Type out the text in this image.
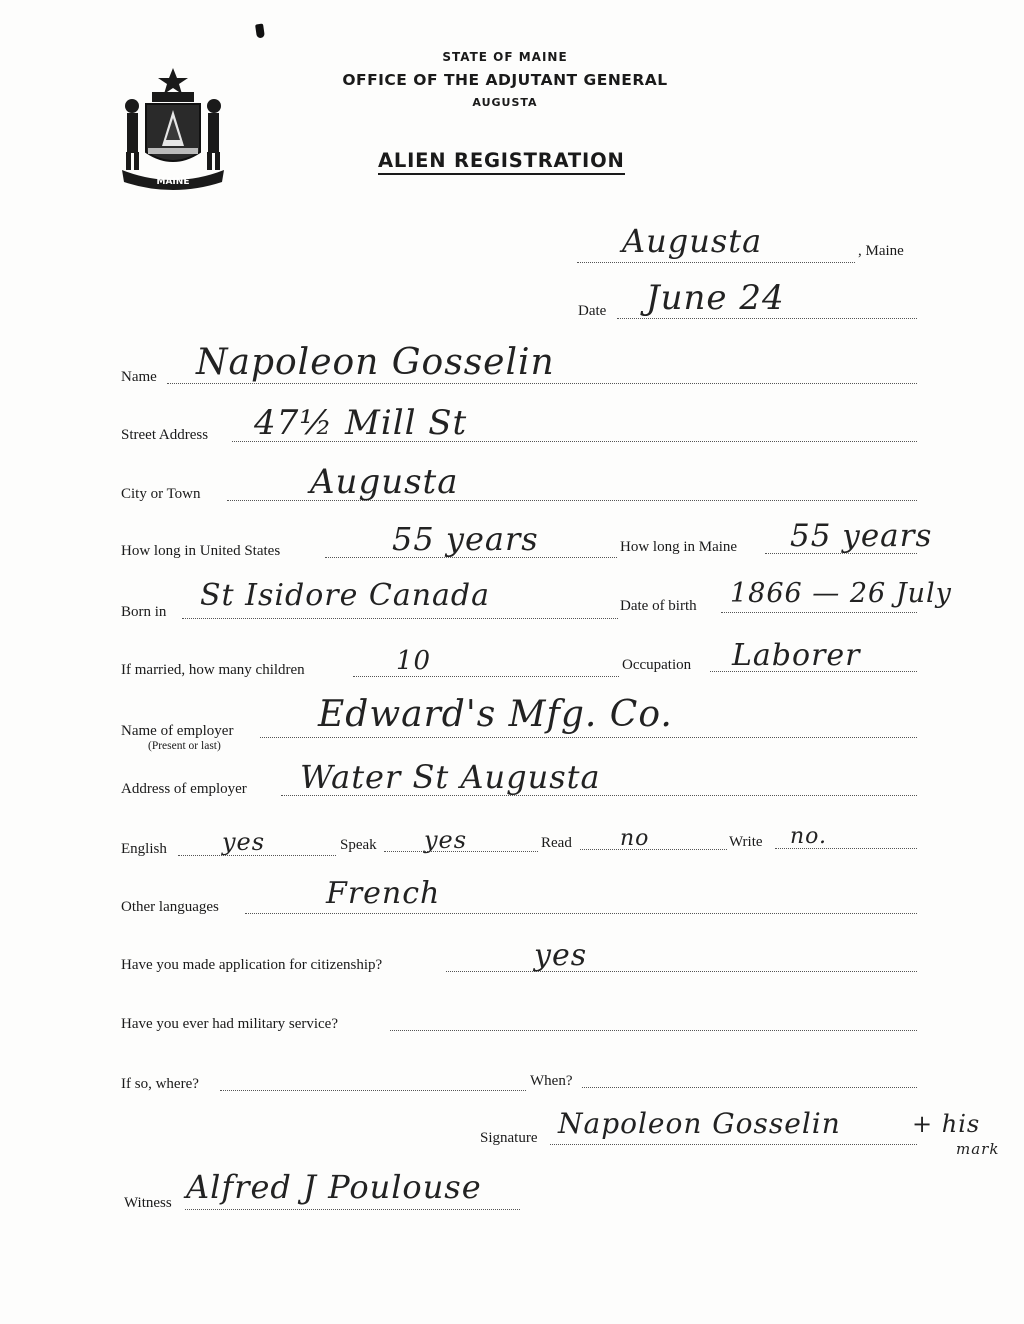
MAINE
STATE OF MAINE
OFFICE OF THE ADJUTANT GENERAL
AUGUSTA
ALIEN REGISTRATION
Augusta	, Maine
Date June 24
Name Napoleon Gosselin
Street Address 47½ Mill St
City or Town	Augusta
How long in United States	55 years	How long in Maine 55 years
Born in St Isidore Canada	Date of birth 1866 — 26 July
If married, how many children	10	Occupation Laborer
Name of employer
(Present or last)
Edward's Mfg. Co.
Address of employer Water St Augusta
English yes	Speak yes	Read no	Write no.
Other languages	French
Have you made application for citizenship?	yes
Have you ever had military service?
If so, where?	When?
Signature Napoleon Gosselin	+ his
mark
Witness Alfred J Poulouse
